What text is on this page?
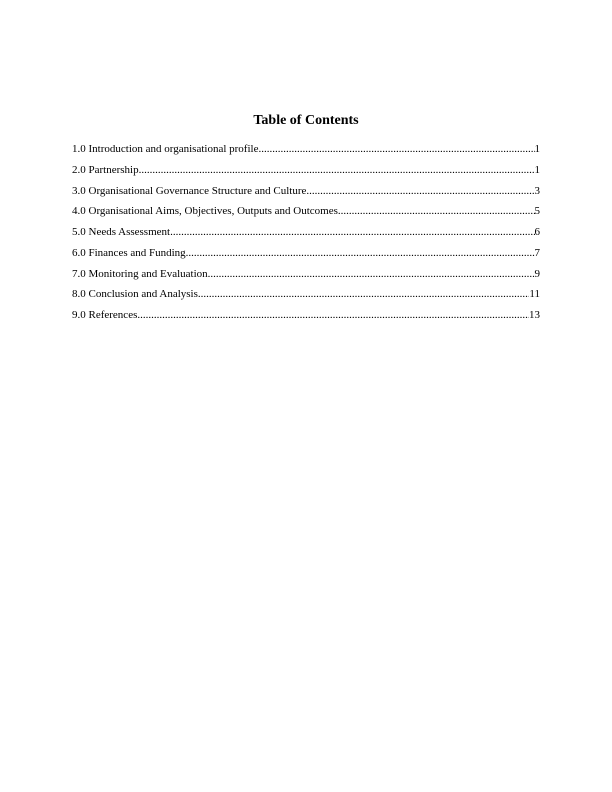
Table of Contents
1.0 Introduction and organisational profile .....	1
2.0 Partnership .....	1
3.0 Organisational Governance Structure and Culture .....	3
4.0 Organisational Aims, Objectives, Outputs and Outcomes .....	5
5.0 Needs Assessment .....	6
6.0 Finances and Funding .....	7
7.0 Monitoring and Evaluation .....	9
8.0 Conclusion and Analysis .....	11
9.0 References .....	13
